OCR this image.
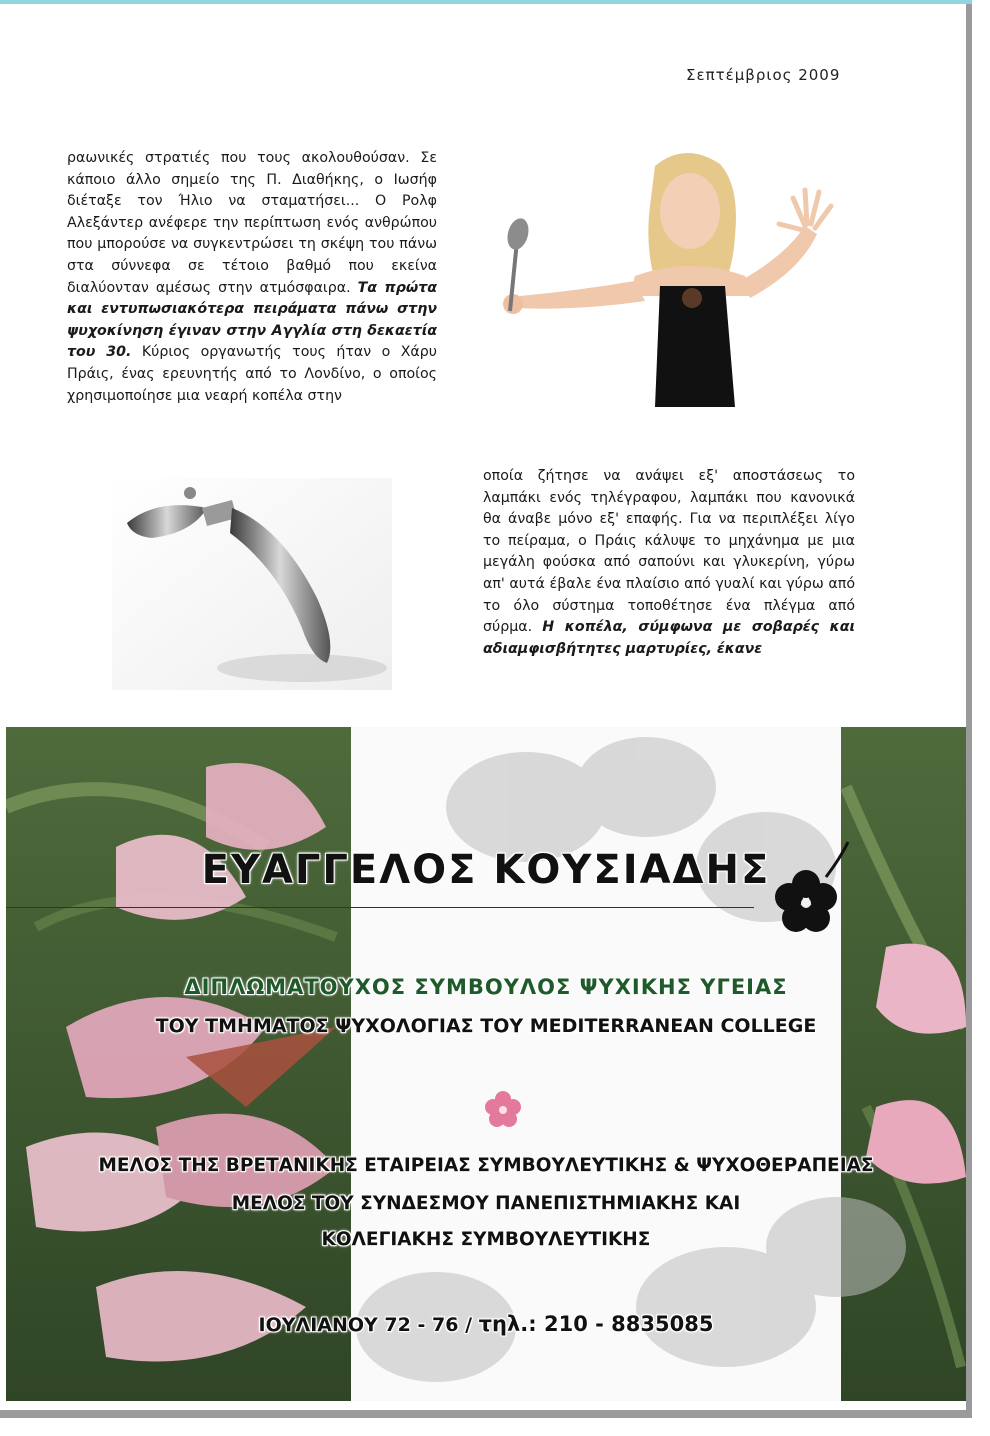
Σεπτέμβριος 2009

ραωνικές στρατιές που τους ακολουθούσαν. Σε κάποιο άλλο σημείο της Π. Διαθήκης, ο Ιωσήφ διέταξε τον Ήλιο να σταματήσει... Ο Ρολφ Αλεξάντερ ανέφερε την περίπτωση ενός ανθρώπου που μπορούσε να συγκεντρώσει τη σκέψη του πάνω στα σύννεφα σε τέτοιο βαθμό που εκείνα διαλύονταν αμέσως στην ατμόσφαιρα. Τα πρώτα και εντυπωσιακότερα πειράματα πάνω στην ψυχοκίνηση έγιναν στην Αγγλία στη δεκαετία του 30. Κύριος οργανωτής τους ήταν ο Χάρυ Πράις, ένας ερευνητής από το Λονδίνο, ο οποίος χρησιμοποίησε μια νεαρή κοπέλα στην

οποία ζήτησε να ανάψει εξ' αποστάσεως το λαμπάκι ενός τηλέγραφου, λαμπάκι που κανονικά θα άναβε μόνο εξ' επαφής. Για να περιπλέξει λίγο το πείραμα, ο Πράις κάλυψε το μηχάνημα με μια μεγάλη φούσκα από σαπούνι και γλυκερίνη, γύρω απ' αυτά έβαλε ένα πλαίσιο από γυαλί και γύρω από το όλο σύστημα τοποθέτησε ένα πλέγμα από σύρμα. Η κοπέλα, σύμφωνα με σοβαρές και αδιαμφισβήτητες μαρτυρίες, έκανε

ΕΥΑΓΓΕΛΟΣ ΚΟΥΣΙΑΔΗΣ
ΔΙΠΛΩΜΑΤΟΥΧΟΣ ΣΥΜΒΟΥΛΟΣ ΨΥΧΙΚΗΣ ΥΓΕΙΑΣ
ΤΟΥ ΤΜΗΜΑΤΟΣ ΨΥΧΟΛΟΓΙΑΣ ΤΟΥ MEDITERRANEAN COLLEGE
ΜΕΛΟΣ ΤΗΣ ΒΡΕΤΑΝΙΚΗΣ ΕΤΑΙΡΕΙΑΣ ΣΥΜΒΟΥΛΕΥΤΙΚΗΣ & ΨΥΧΟΘΕΡΑΠΕΙΑΣ
ΜΕΛΟΣ ΤΟΥ ΣΥΝΔΕΣΜΟΥ ΠΑΝΕΠΙΣΤΗΜΙΑΚΗΣ ΚΑΙ
ΚΟΛΕΓΙΑΚΗΣ ΣΥΜΒΟΥΛΕΥΤΙΚΗΣ
ΙΟΥΛΙΑΝΟΥ 72 - 76 / τηλ.: 210 - 8835085
